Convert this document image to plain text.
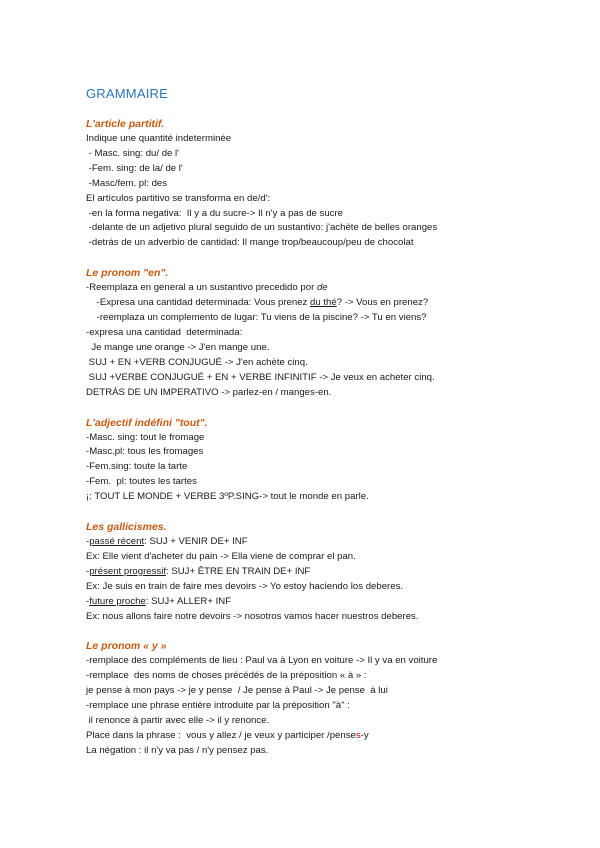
GRAMMAIRE

L'article partitif.

Indique une quantité indeterminée

- Masc. sing: du/ de l'

-Fem. sing: de la/ de l'

-Masc/fem. pl: des

El artículos partitivo se transforma en de/d':

-en la forma negativa:  Il y a du sucre-> Il n'y a pas de sucre

-delante de un adjetivo plural seguido de un sustantivo: j'achète de belles oranges

-detrás de un adverbio de cantidad: Il mange trop/beaucoup/peu de chocolat

Le pronom "en".

-Reemplaza en general a un sustantivo precedido por de

-Expresa una cantidad determinada: Vous prenez du thé? -> Vous en prenez?

-reemplaza un complemento de lugar: Tu viens de la piscine? -> Tu en viens?

-expresa una cantidad  determinada:

Je mange une orange -> J'en mange une.

SUJ + EN +VERB CONJUGUÉ -> J'en achète cinq.

SUJ +VERBE CONJUGUÉ + EN + VERBE INFINITIF -> Je veux en acheter cinq.

DETRÁS DE UN IMPERATIVO -> parlez-en / manges-en.

L'adjectif indéfini "tout".

-Masc. sing: tout le fromage

-Masc.pl: tous les fromages

-Fem.sing: toute la tarte

-Fem.  pl: toutes les tartes

¡: TOUT LE MONDE + VERBE 3ºP.SING-> tout le monde en parle.

Les gallicismes.

-passé récent: SUJ + VENIR DE+ INF

Ex: Elle vient d'acheter du pain -> Ella viene de comprar el pan.

-présent progressif: SUJ+ ÊTRE EN TRAIN DE+ INF

Ex: Je suis en train de faire mes devoirs -> Yo estoy haciendo los deberes.

-future proche: SUJ+ ALLER+ INF

Ex: nous allons faire notre devoirs -> nosotros vamos hacer nuestros deberes.

Le pronom « y »

-remplace des compléments de lieu : Paul va à Lyon en voiture -> Il y va en voiture

-remplace  des noms de choses précédés de la préposition « à » :

je pense à mon pays -> je y pense  / Je pense à Paul -> Je pense  à lui

-remplace une phrase entière introduite par la préposition "à" :

il renonce à partir avec elle -> il y renonce.

Place dans la phrase :  vous y allez / je veux y participer /penses-y

La négation : il n'y va pas / n'y pensez pas.
